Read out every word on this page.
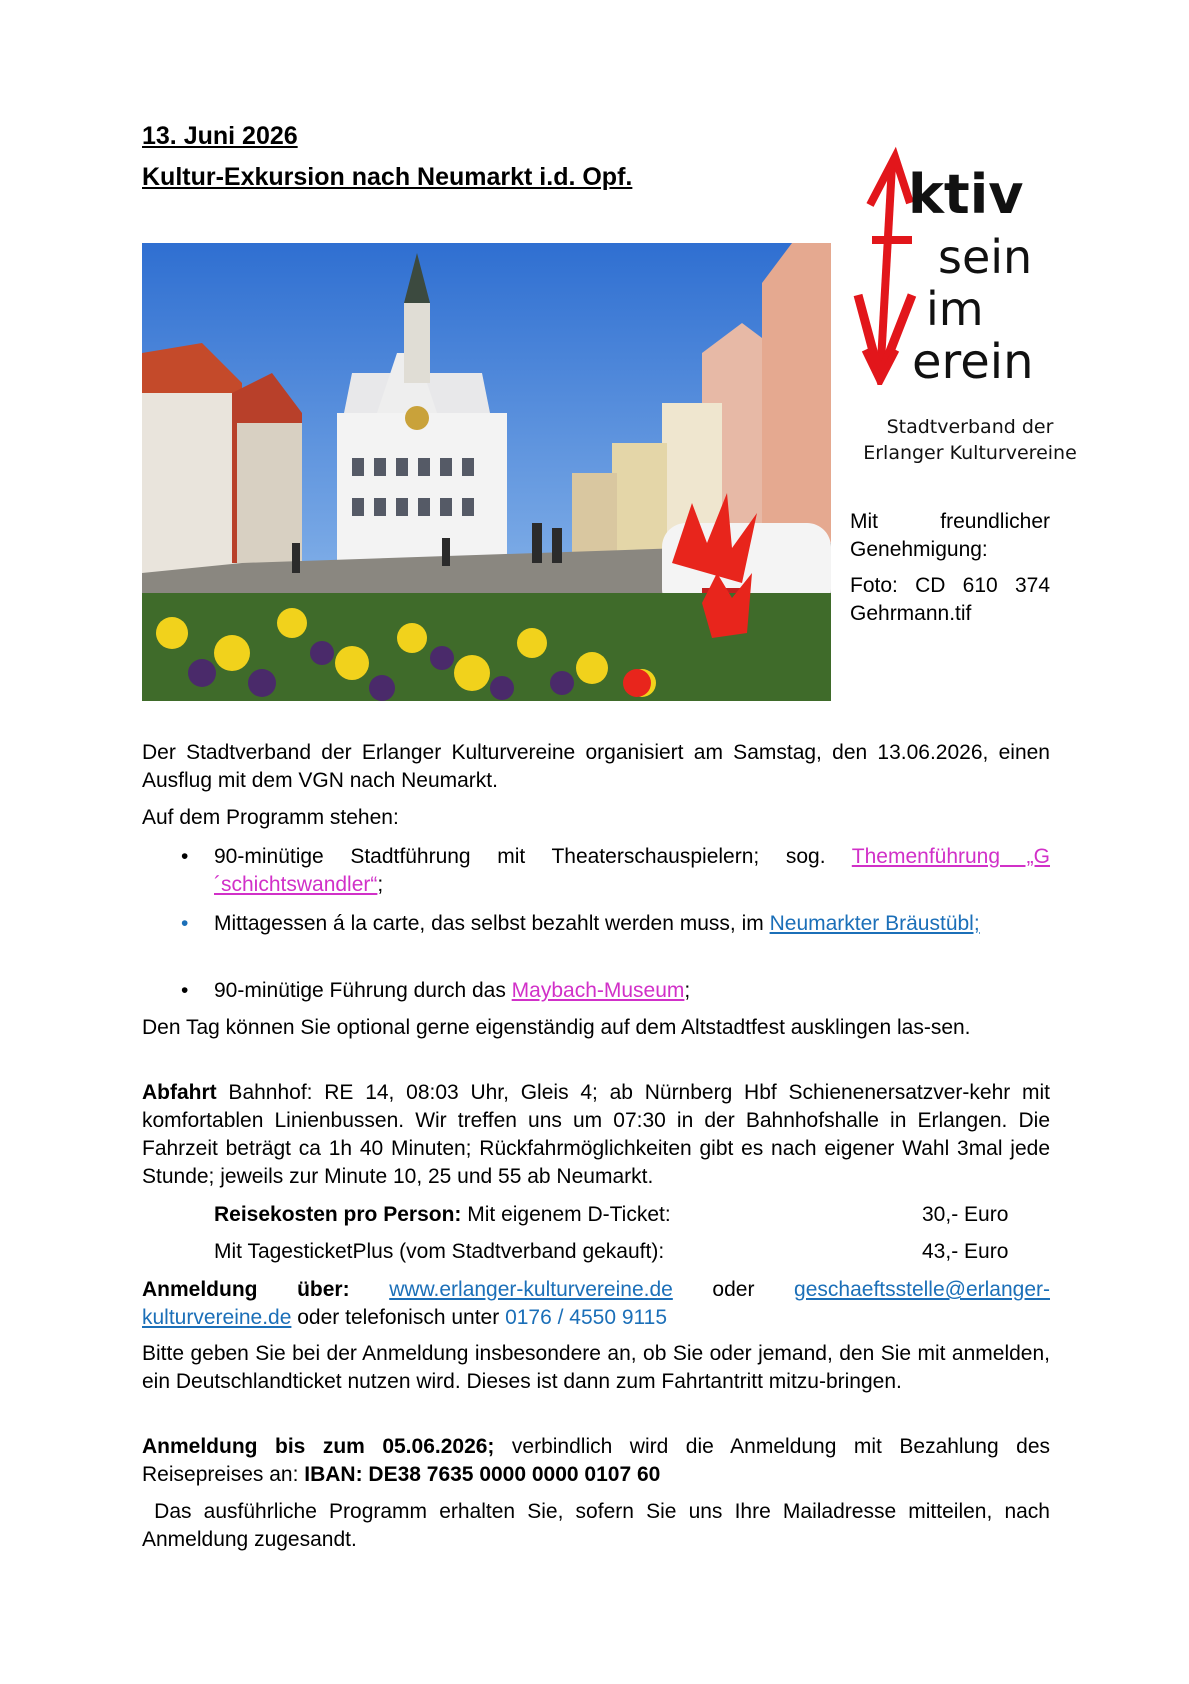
13. Juni 2026
Kultur-Exkursion nach Neumarkt i.d. Opf.	ktiv
sein
im
erein
Stadtverband der
Erlanger Kulturvereine
Mit freundlicher Genehmigung:
Foto: CD 610 374 Gehrmann.tif
Der Stadtverband der Erlanger Kulturvereine organisiert am Samstag, den 13.06.2026, einen Ausflug mit dem VGN nach Neumarkt.
Auf dem Programm stehen:
• 90-minütige Stadtführung mit Theaterschauspielern; sog. Themenführung „G´schichtswandler“;
• Mittagessen á la carte, das selbst bezahlt werden muss, im Neumarkter Bräustübl;
• 90-minütige Führung durch das Maybach-Museum;
Den Tag können Sie optional gerne eigenständig auf dem Altstadtfest ausklingen las-sen.
Abfahrt Bahnhof: RE 14, 08:03 Uhr, Gleis 4; ab Nürnberg Hbf Schienenersatzver-kehr mit komfortablen Linienbussen. Wir treffen uns um 07:30 in der Bahnhofshalle in Erlangen. Die Fahrzeit beträgt ca 1h 40 Minuten; Rückfahrmöglichkeiten gibt es nach eigener Wahl 3mal jede Stunde; jeweils zur Minute 10, 25 und 55 ab Neumarkt.
Reisekosten pro Person: Mit eigenem D-Ticket:	30,- Euro
Mit TagesticketPlus (vom Stadtverband gekauft):	43,- Euro
Anmeldung über: www.erlanger-kulturvereine.de oder geschaeftsstelle@erlanger-kulturvereine.de oder telefonisch unter 0176 / 4550 9115
Bitte geben Sie bei der Anmeldung insbesondere an, ob Sie oder jemand, den Sie mit anmelden, ein Deutschlandticket nutzen wird. Dieses ist dann zum Fahrtantritt mitzu-bringen.
Anmeldung bis zum 05.06.2026; verbindlich wird die Anmeldung mit Bezahlung des Reisepreises an: IBAN: DE38 7635 0000 0000 0107 60
Das ausführliche Programm erhalten Sie, sofern Sie uns Ihre Mailadresse mitteilen, nach Anmeldung zugesandt.
